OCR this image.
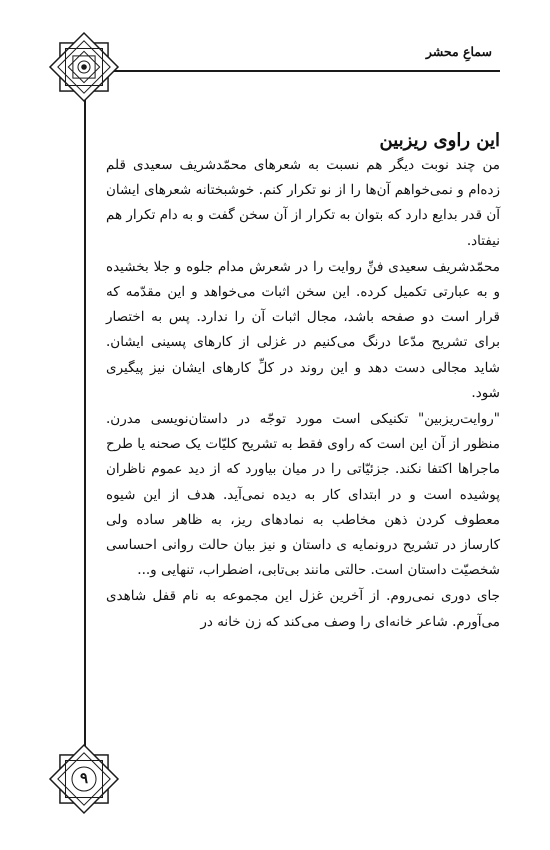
سماعِ محشر
این راوی ریزبین

من چند نوبت دیگر هم نسبت به شعرهای محمّدشریف سعیدی قلم زده‌ام و نمی‌خواهم آن‌ها را از نو تکرار کنم. خوشبختانه شعرهای ایشان آن قدر بدایع دارد که بتوان به تکرار از آن سخن گفت و به دام تکرار هم نیفتاد.

محمّدشریف سعیدی فنِّ روایت را در شعرش مدام جلوه و جلا بخشیده و به عبارتی تکمیل کرده. این سخن اثبات می‌خواهد و این مقدّمه که قرار است دو صفحه باشد، مجال اثبات آن را ندارد. پس به اختصار برای تشریح مدّعا درنگ می‌کنیم در غزلی از کارهای پسینی ایشان. شاید مجالی دست دهد و این روند در کلِّ کارهای ایشان نیز پیگیری شود.

"روایت‌ریزبین" تکنیکی است مورد توجّه در داستان‌نویسی مدرن. منظور از آن این است که راوی فقط به تشریح کلیّات یک صحنه یا طرح ماجراها اکتفا نکند. جزئیّاتی را در میان بیاورد که از دید عموم ناظران پوشیده است و در ابتدای کار به دیده نمی‌آید. هدف از این شیوه معطوف کردن ذهن مخاطب به نمادهای ریز، به ظاهر ساده ولی کارساز در تشریح درونمایه ی داستان و نیز بیان حالت روانی احساسی شخصیّت داستان است. حالتی مانند بی‌تابی، اضطراب، تنهایی و...

جای دوری نمی‌روم. از آخرین غزل این مجموعه به نام قفل شاهدی می‌آورم. شاعر خانه‌ای را وصف می‌کند که زن خانه در

۹
